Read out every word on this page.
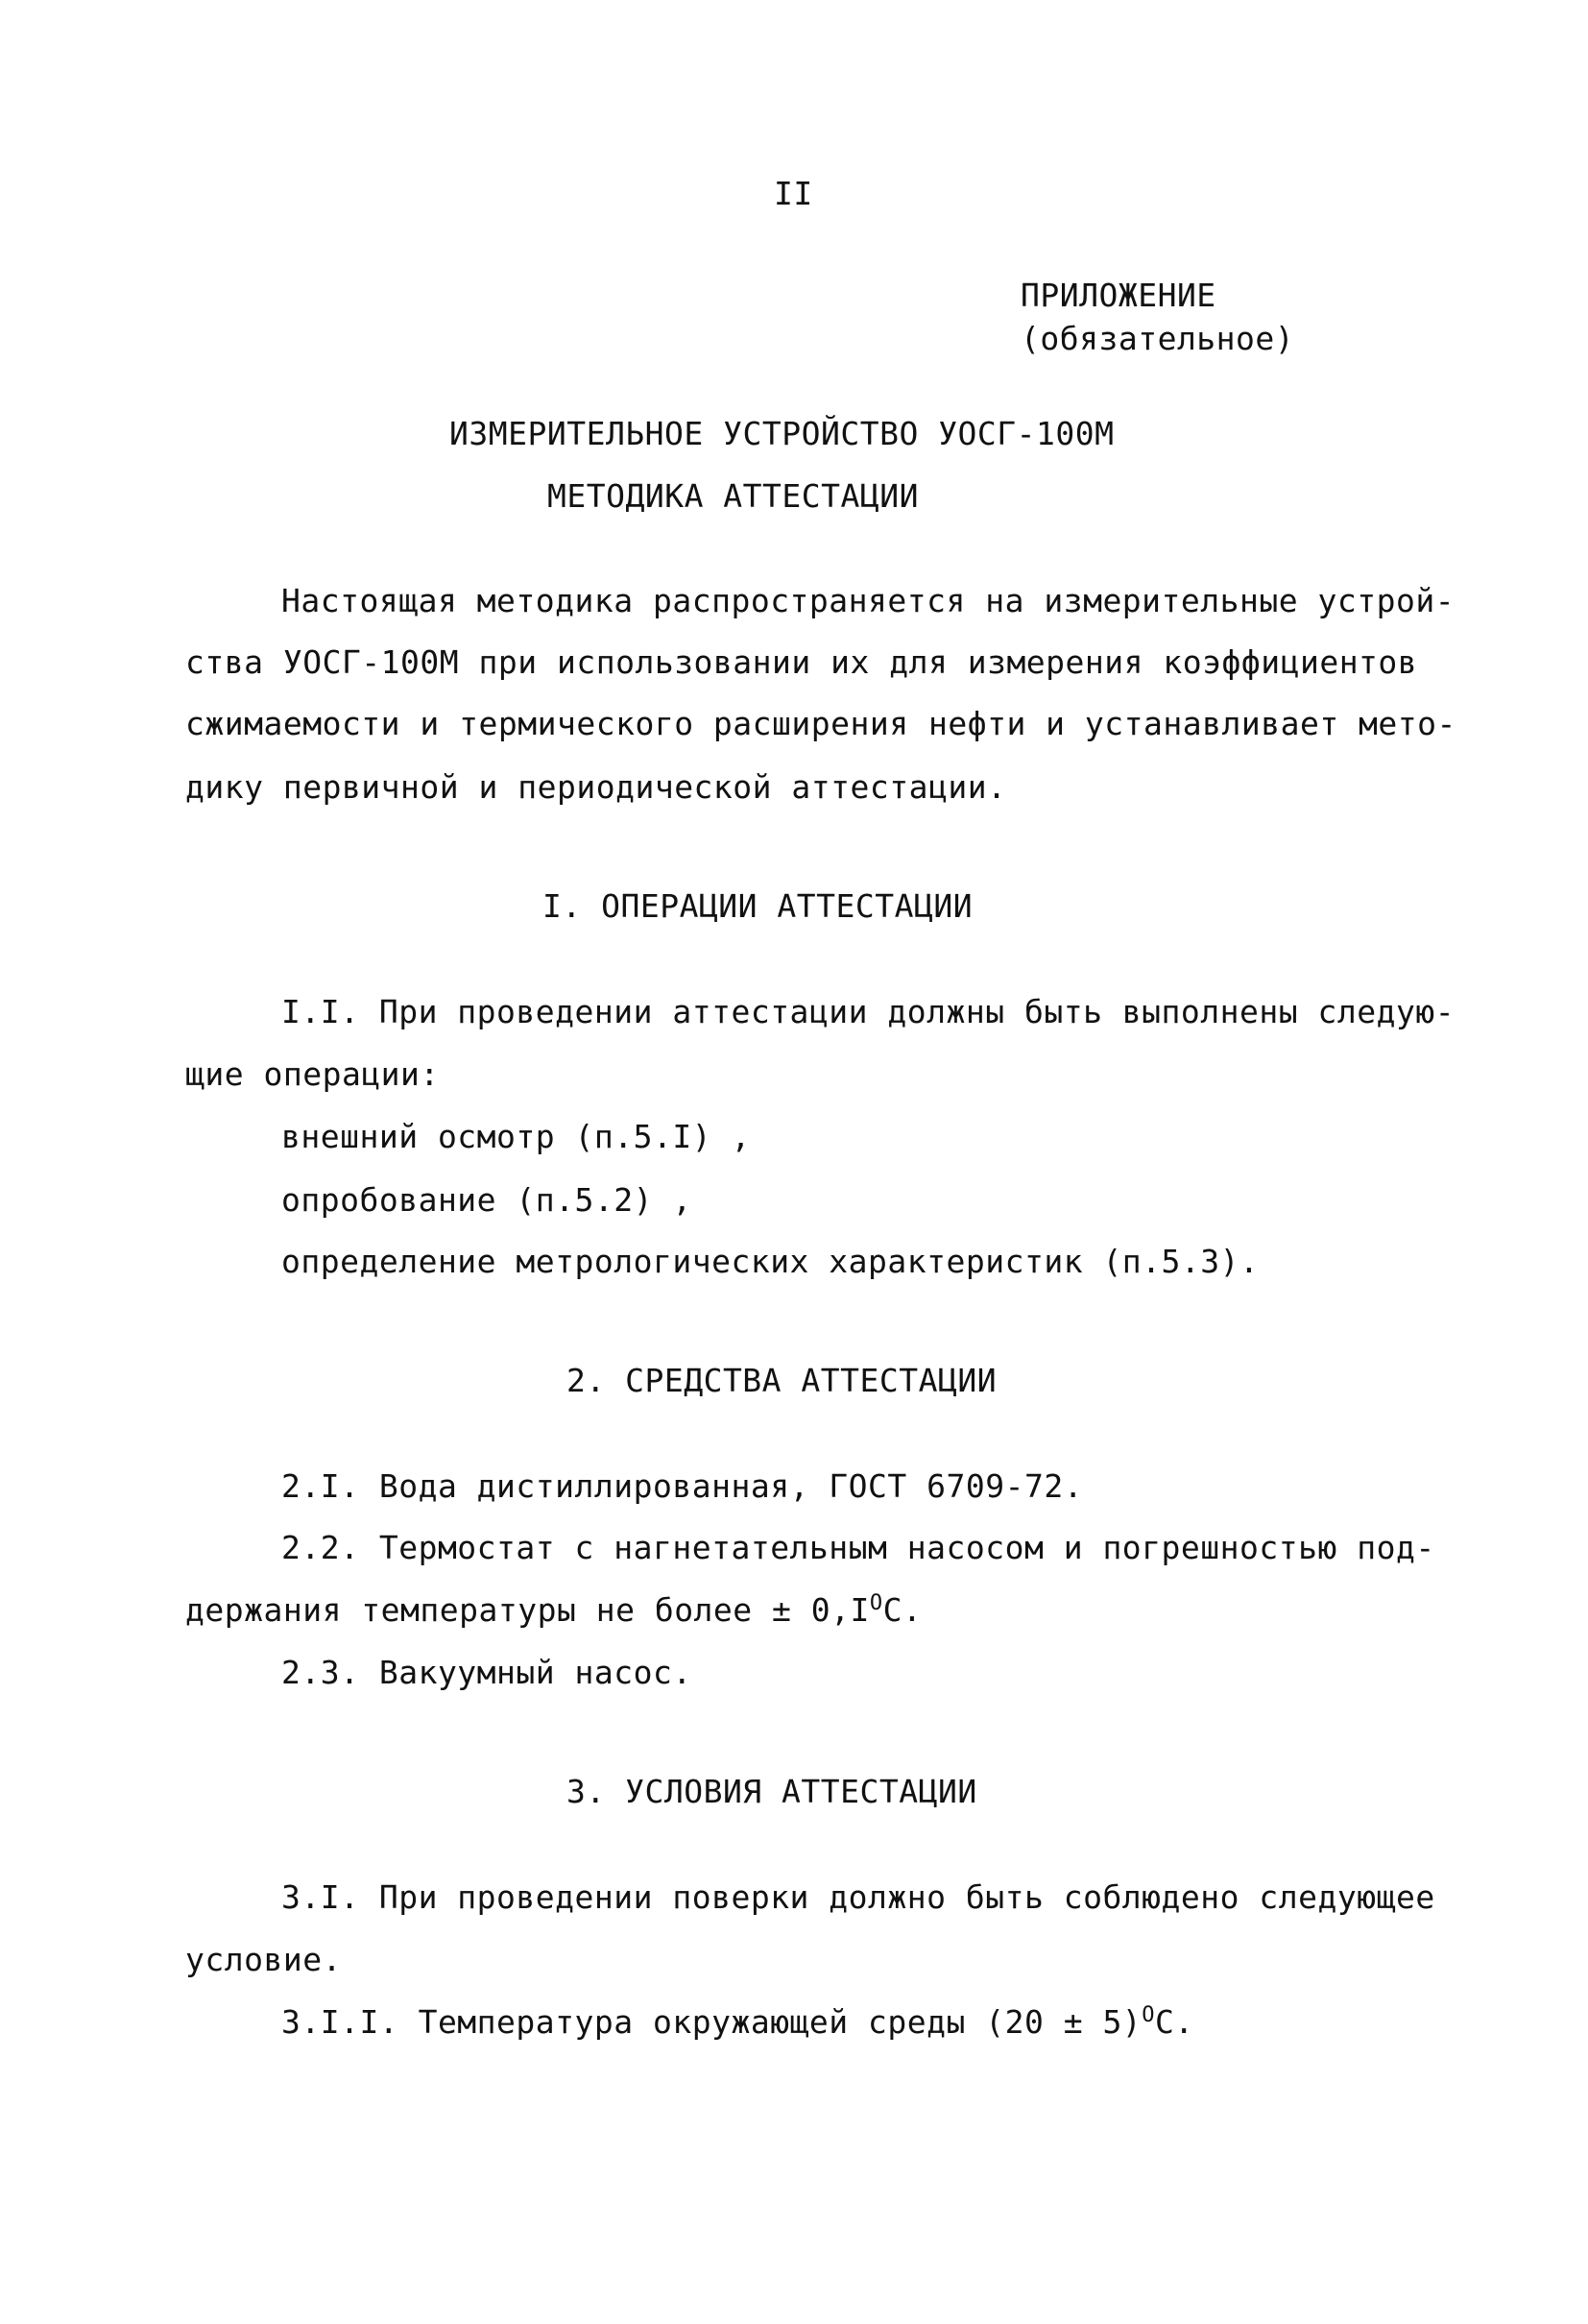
II
ПРИЛОЖЕНИЕ
(обязательное)
ИЗМЕРИТЕЛЬНОЕ УСТРОЙСТВО УОСГ-100М
МЕТОДИКА АТТЕСТАЦИИ
Настоящая методика распространяется на измерительные устрой-
ства УОСГ-100М при использовании их для измерения коэффициентов
сжимаемости и термического расширения нефти и устанавливает мето-
дику первичной и периодической аттестации.
I. ОПЕРАЦИИ АТТЕСТАЦИИ
I.I. При проведении аттестации должны быть выполнены следую-
щие операции:
внешний осмотр (п.5.I) ,
опробование (п.5.2) ,
определение метрологических характеристик (п.5.3).
2. СРЕДСТВА АТТЕСТАЦИИ
2.I. Вода дистиллированная, ГОСТ 6709-72.
2.2. Термостат с нагнетательным насосом и погрешностью под-
держания температуры не более ± $0,I^ОС$.
2.3. Вакуумный насос.
3. УСЛОВИЯ АТТЕСТАЦИИ
3.I. При проведении поверки должно быть соблюдено следующее
условие.
3.I.I. Температура окружающей среды $(20 \pm 5)^ОС$.
